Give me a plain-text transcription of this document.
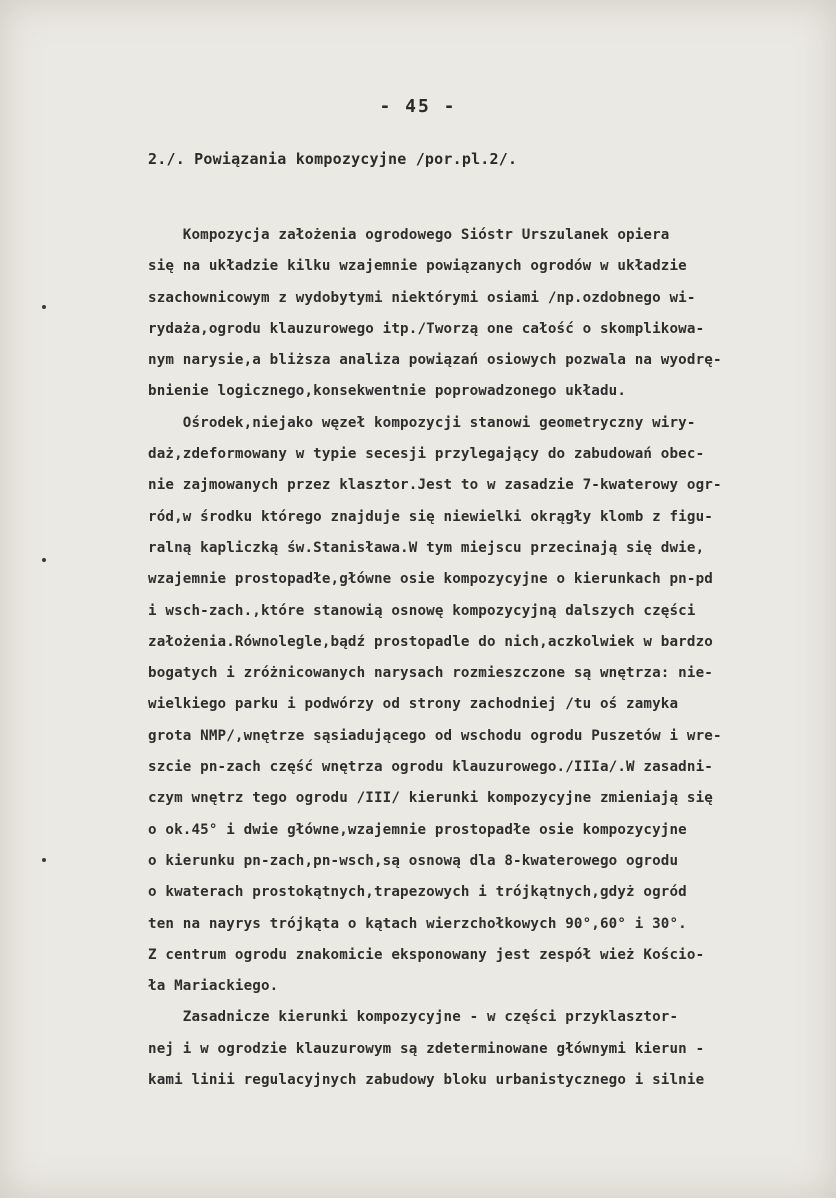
- 45 -
2./. Powiązania kompozycyjne /por.pl.2/.
Kompozycja założenia ogrodowego Sióstr Urszulanek opiera
się na układzie kilku wzajemnie powiązanych ogrodów w układzie
szachownicowym z wydobytymi niektórymi osiami /np.ozdobnego wi-
rydaża,ogrodu klauzurowego itp./Tworzą one całość o skomplikowa-
nym narysie,a bliższa analiza powiązań osiowych pozwala na wyodrę-
bnienie logicznego,konsekwentnie poprowadzonego układu.
Ośrodek,niejako węzeł kompozycji stanowi geometryczny wiry-
daż,zdeformowany w typie secesji przylegający do zabudowań obec-
nie zajmowanych przez klasztor.Jest to w zasadzie 7-kwaterowy ogr-
ród,w środku którego znajduje się niewielki okrągły klomb z figu-
ralną kapliczką św.Stanisława.W tym miejscu przecinają się dwie,
wzajemnie prostopadłe,główne osie kompozycyjne o kierunkach pn-pd
i wsch-zach.,które stanowią osnowę kompozycyjną dalszych części
założenia.Równolegle,bądź prostopadle do nich,aczkolwiek w bardzo
bogatych i zróżnicowanych narysach rozmieszczone są wnętrza: nie-
wielkiego parku i podwórzy od strony zachodniej /tu oś zamyka
grota NMP/,wnętrze sąsiadującego od wschodu ogrodu Puszetów i wre-
szcie pn-zach część wnętrza ogrodu klauzurowego./IIIa/.W zasadni-
czym wnętrz tego ogrodu /III/ kierunki kompozycyjne zmieniają się
o ok.45° i dwie główne,wzajemnie prostopadłe osie kompozycyjne
o kierunku pn-zach,pn-wsch,są osnową dla 8-kwaterowego ogrodu
o kwaterach prostokątnych,trapezowych i trójkątnych,gdyż ogród
ten na nayrys trójkąta o kątach wierzchołkowych 90°,60° i 30°.
Z centrum ogrodu znakomicie eksponowany jest zespół wież Kościo-
ła Mariackiego.
Zasadnicze kierunki kompozycyjne - w części przyklasztor-
nej i w ogrodzie klauzurowym są zdeterminowane głównymi kierun -
kami linii regulacyjnych zabudowy bloku urbanistycznego i silnie
